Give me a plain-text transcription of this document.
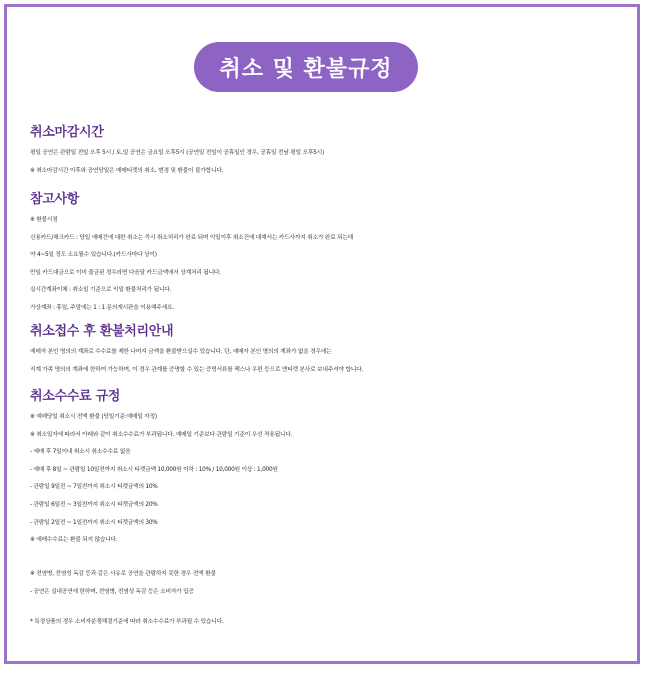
취소 및 환불규정
취소마감시간
평일 공연은 관람일 전일 오후 5시 / 토,일 공연은 금요일 오후5시 (공연일 전일이 공휴일인 경우, 공휴일 전날 평일 오후5시)
※ 취소마감시간 이후와 공연당일은 예매티켓의 취소, 변경 및 환불이 불가합니다.
참고사항
※ 환불시점
신용카드/체크카드 : 당일 예매건에 대한 취소는 즉시 취소처리가 완료 되며 익일이후 취소건에 대해서는 카드사까지 취소가 완료 되는데
약 4~5일 정도 소요될수 있습니다.(카드사마다 상이)
만일 카드대금으로 이미 출금된 경우라면 다음달 카드금액에서 상계처리 됩니다.
실시간계좌이체 : 취소일 기준으로 익일 환불처리가 됩니다.
가상계좌 : 휴일, 주말에는 1 : 1 문의게시판을 이용해주세요.
취소접수 후 환불처리안내
예매자 본인 명의의 계좌로 수수료를 제한 나머지 금액을 환불받으실수 있습니다. 단, 예매자 본인 명의의 계좌가 없을 경우에는
직계 가족 명의의 계좌에 한하여 가능하며, 이 경우 관계를 증명할 수 있는 증빙서류를 팩스나 우편 등으로 엔티켓 본사로 보내주셔야 합니다.
취소수수료 규정
※ 예매당일 취소시 전액 환불 (당일기준:예매일 자정)
※ 취소일자에 따라서 아래와 같이 취소수수료가 부과됩니다. 예매일 기준보다 관람일 기준이 우선 적용됩니다.
- 예매 후 7일이내 취소시 취소수수료 없음
- 예매 후 8일 ~ 관람일 10일전까지 취소시 티켓금액 10,000원 이하 : 10% / 10,000원 이상 : 1,000원
- 관람일 9일전 ~ 7일전까지 취소시 티켓금액의 10%
- 관람일 6일전 ~ 3일전까지 취소시 티켓금액의 20%
- 관람일 2일전 ~ 1일전까지 취소시 티켓금액의 30%
※ 예매수수료는 환불 되지 않습니다.
※ 전염병, 전염성 독감 등과 같은 사유로 공연을 관람하지 못한 경우 전액 환불
- 공연은 실내공연에 한하며, 전염병, 전염성 독감 등은 소비자가 입증
* 특정상품의 경우 소비자분쟁해결기준에 따라 취소수수료가 부과될 수 있습니다.
